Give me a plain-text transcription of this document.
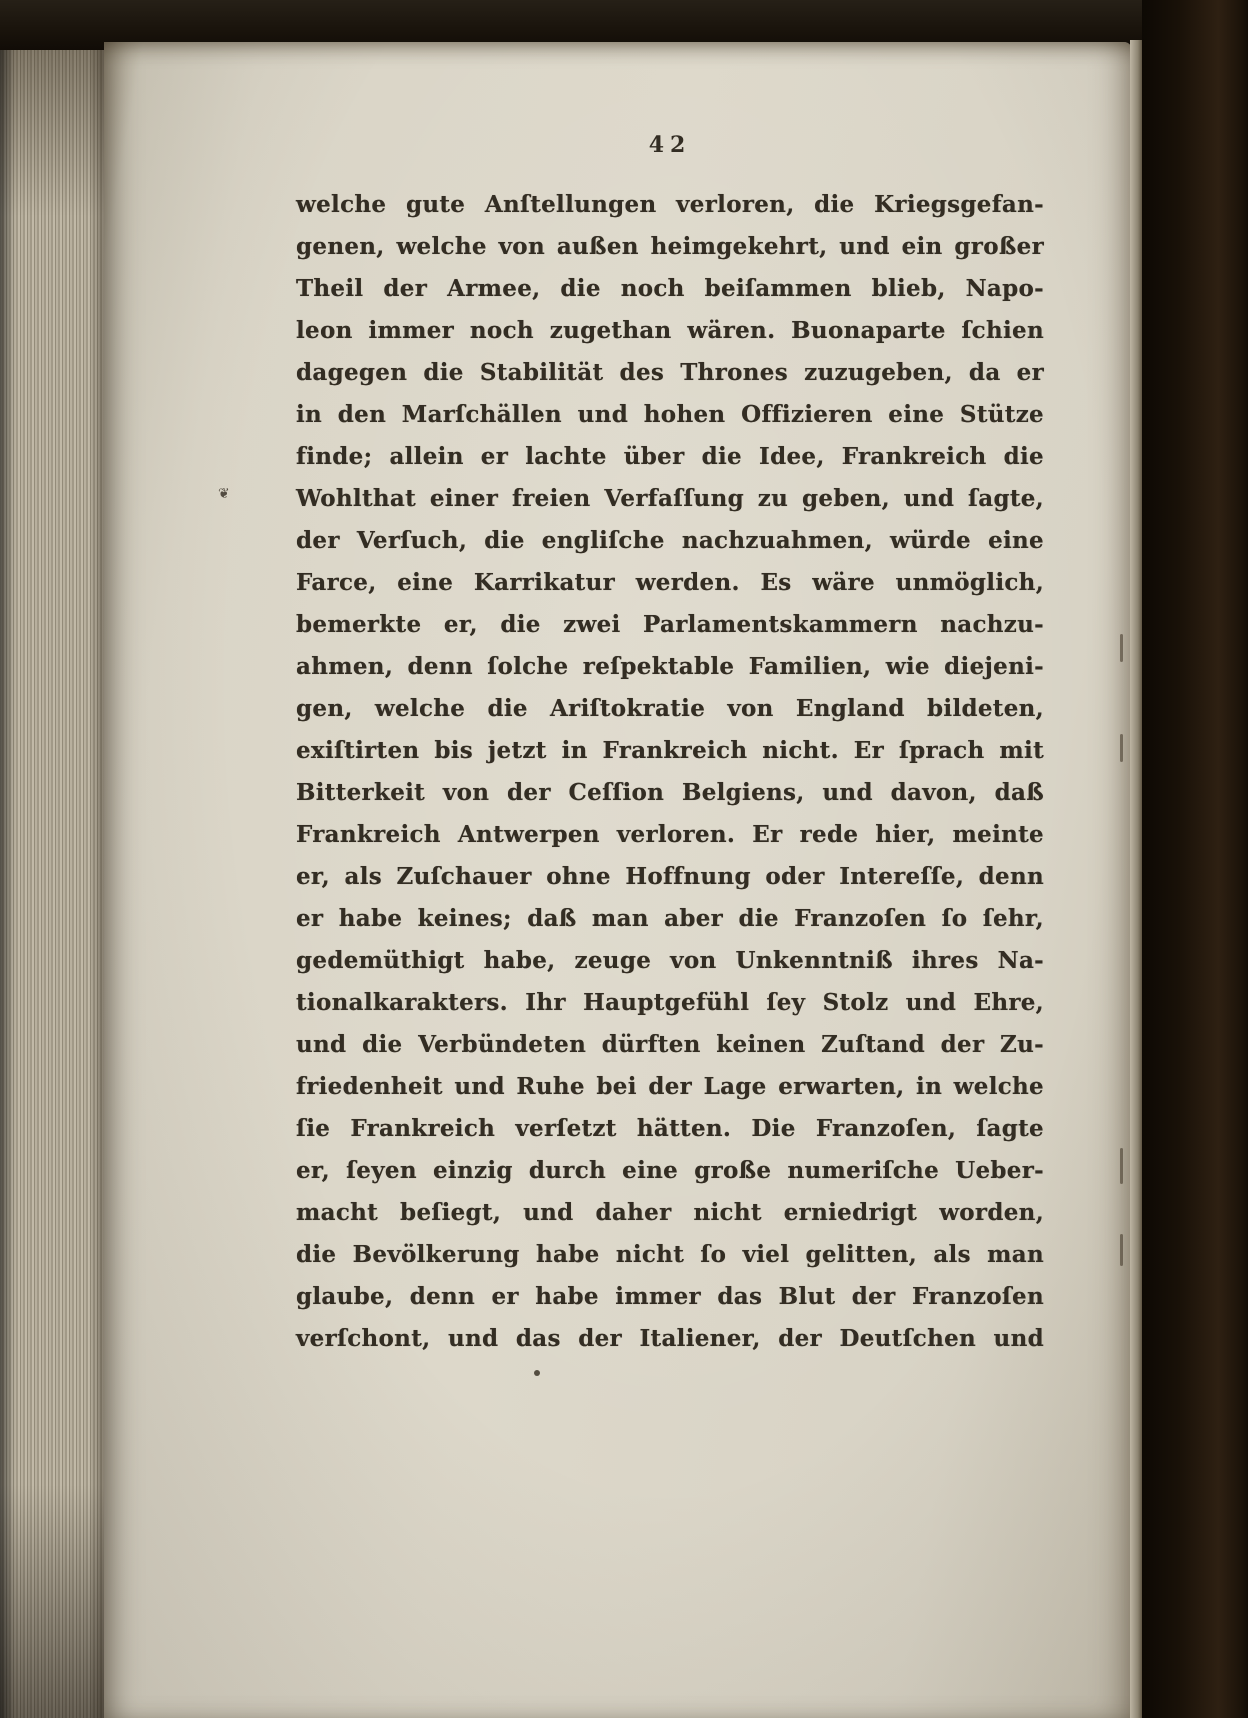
42
welche gute Anſtellungen verloren, die Kriegsgefan-
genen, welche von außen heimgekehrt, und ein großer
Theil der Armee, die noch beiſammen blieb, Napo-
leon immer noch zugethan wären. Buonaparte ſchien
dagegen die Stabilität des Thrones zuzugeben, da er
in den Marſchällen und hohen Offizieren eine Stütze
finde; allein er lachte über die Idee, Frankreich die
Wohlthat einer freien Verfaſſung zu geben, und ſagte,
der Verſuch, die engliſche nachzuahmen, würde eine
Farce, eine Karrikatur werden. Es wäre unmöglich,
bemerkte er, die zwei Parlamentskammern nachzu-
ahmen, denn ſolche reſpektable Familien, wie diejeni-
gen, welche die Ariſtokratie von England bildeten,
exiſtirten bis jetzt in Frankreich nicht. Er ſprach mit
Bitterkeit von der Ceſſion Belgiens, und davon, daß
Frankreich Antwerpen verloren. Er rede hier, meinte
er, als Zuſchauer ohne Hoffnung oder Intereſſe, denn
er habe keines; daß man aber die Franzoſen ſo ſehr,
gedemüthigt habe, zeuge von Unkenntniß ihres Na-
tionalkarakters. Ihr Hauptgefühl ſey Stolz und Ehre,
und die Verbündeten dürften keinen Zuſtand der Zu-
friedenheit und Ruhe bei der Lage erwarten, in welche
ſie Frankreich verſetzt hätten. Die Franzoſen, ſagte
er, ſeyen einzig durch eine große numeriſche Ueber-
macht beſiegt, und daher nicht erniedrigt worden,
die Bevölkerung habe nicht ſo viel gelitten, als man
glaube, denn er habe immer das Blut der Franzoſen
verſchont, und das der Italiener, der Deutſchen und
❦
